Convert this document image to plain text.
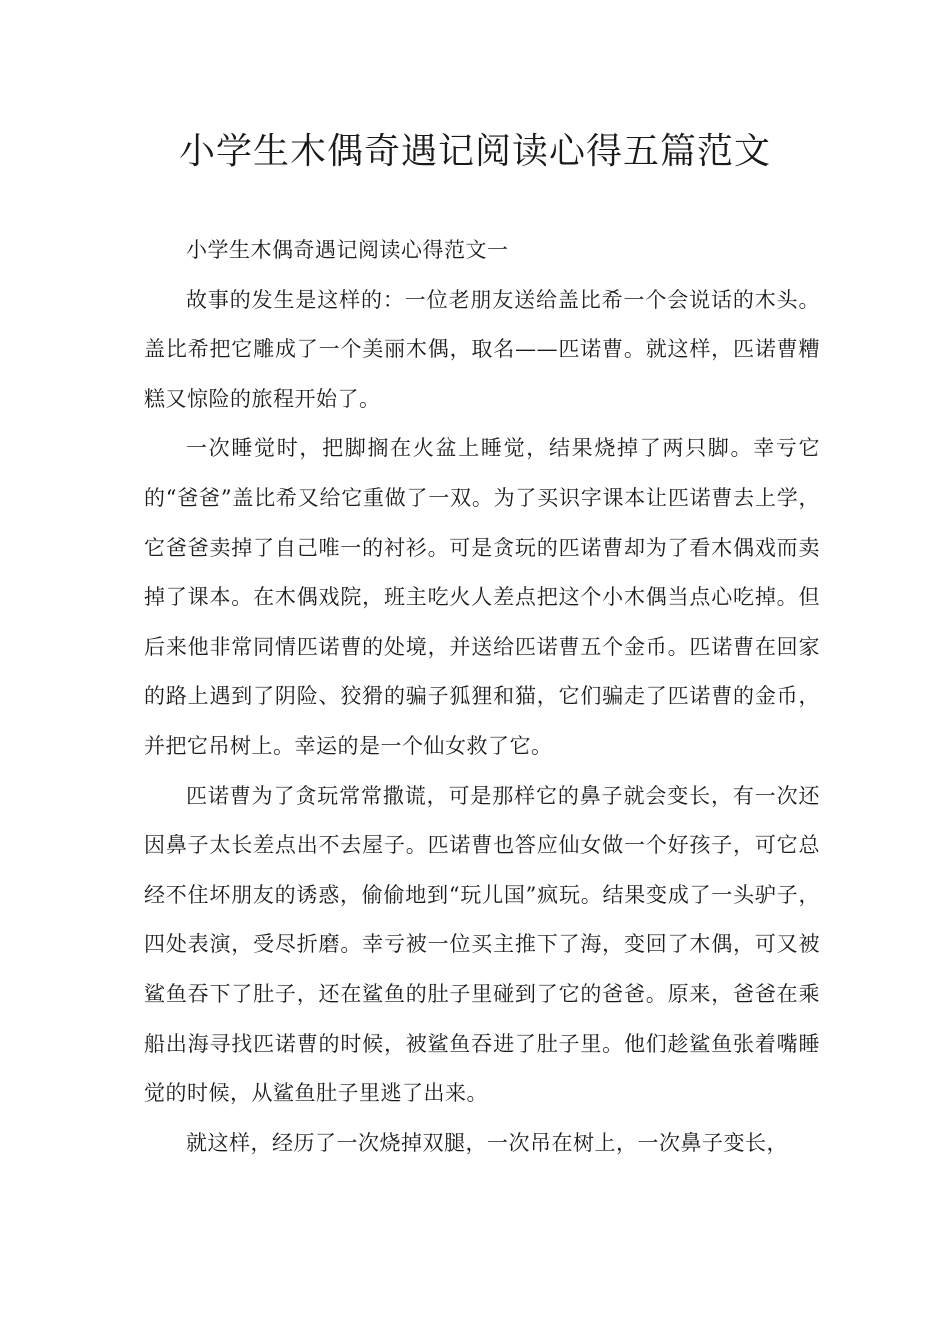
小学生木偶奇遇记阅读心得五篇范文

小学生木偶奇遇记阅读心得范文一

故事的发生是这样的：一位老朋友送给盖比希一个会说话的木头。盖比希把它雕成了一个美丽木偶，取名——匹诺曹。就这样，匹诺曹糟糕又惊险的旅程开始了。

一次睡觉时，把脚搁在火盆上睡觉，结果烧掉了两只脚。幸亏它的“爸爸”盖比希又给它重做了一双。为了买识字课本让匹诺曹去上学，它爸爸卖掉了自己唯一的衬衫。可是贪玩的匹诺曹却为了看木偶戏而卖掉了课本。在木偶戏院，班主吃火人差点把这个小木偶当点心吃掉。但后来他非常同情匹诺曹的处境，并送给匹诺曹五个金币。匹诺曹在回家的路上遇到了阴险、狡猾的骗子狐狸和猫，它们骗走了匹诺曹的金币，并把它吊树上。幸运的是一个仙女救了它。

匹诺曹为了贪玩常常撒谎，可是那样它的鼻子就会变长，有一次还因鼻子太长差点出不去屋子。匹诺曹也答应仙女做一个好孩子，可它总经不住坏朋友的诱惑，偷偷地到“玩儿国”疯玩。结果变成了一头驴子，四处表演，受尽折磨。幸亏被一位买主推下了海，变回了木偶，可又被鲨鱼吞下了肚子，还在鲨鱼的肚子里碰到了它的爸爸。原来，爸爸在乘船出海寻找匹诺曹的时候，被鲨鱼吞进了肚子里。他们趁鲨鱼张着嘴睡觉的时候，从鲨鱼肚子里逃了出来。

就这样，经历了一次烧掉双腿，一次吊在树上，一次鼻子变长，
